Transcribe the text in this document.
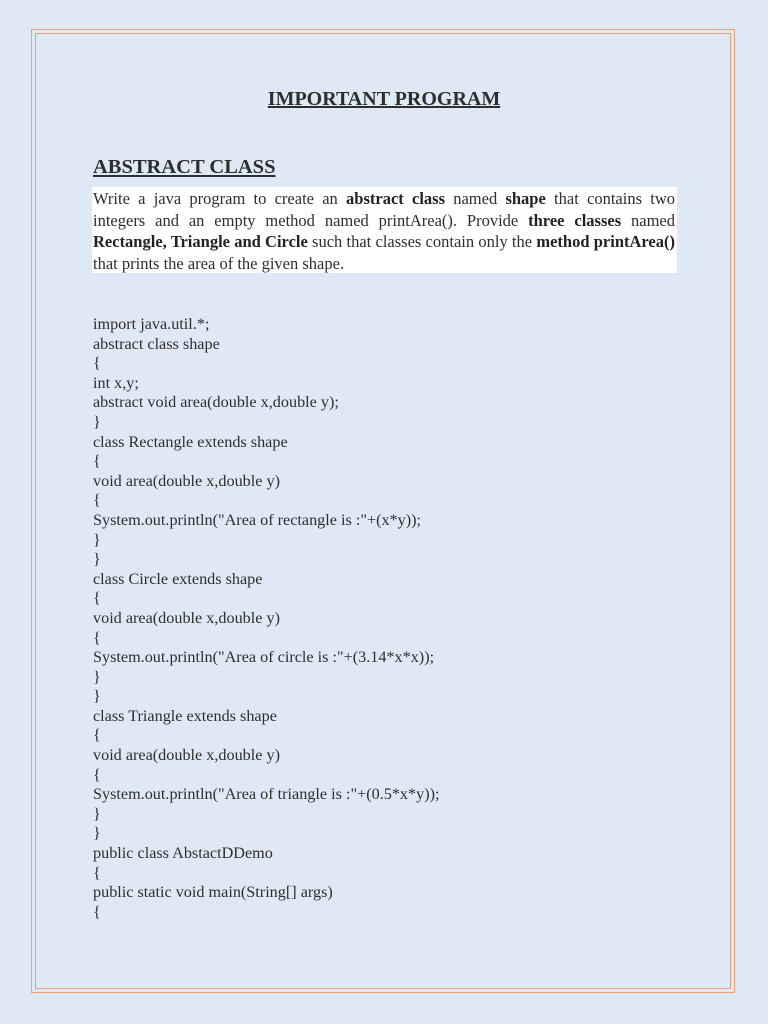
IMPORTANT PROGRAM
ABSTRACT CLASS
Write a java program to create an abstract class named shape that contains two integers and an empty method named printArea(). Provide three classes named Rectangle, Triangle and Circle such that classes contain only the method printArea() that prints the area of the given shape.
import java.util.*;
abstract class shape
{
int x,y;
abstract void area(double x,double y);
}
class Rectangle extends shape
{
void area(double x,double y)
{
System.out.println("Area of rectangle is :"+(x*y));
}
}
class Circle extends shape
{
void area(double x,double y)
{
System.out.println("Area of circle is :"+(3.14*x*x));
}
}
class Triangle extends shape
{
void area(double x,double y)
{
System.out.println("Area of triangle is :"+(0.5*x*y));
}
}
public class AbstactDDemo
{
public static void main(String[] args)
{
